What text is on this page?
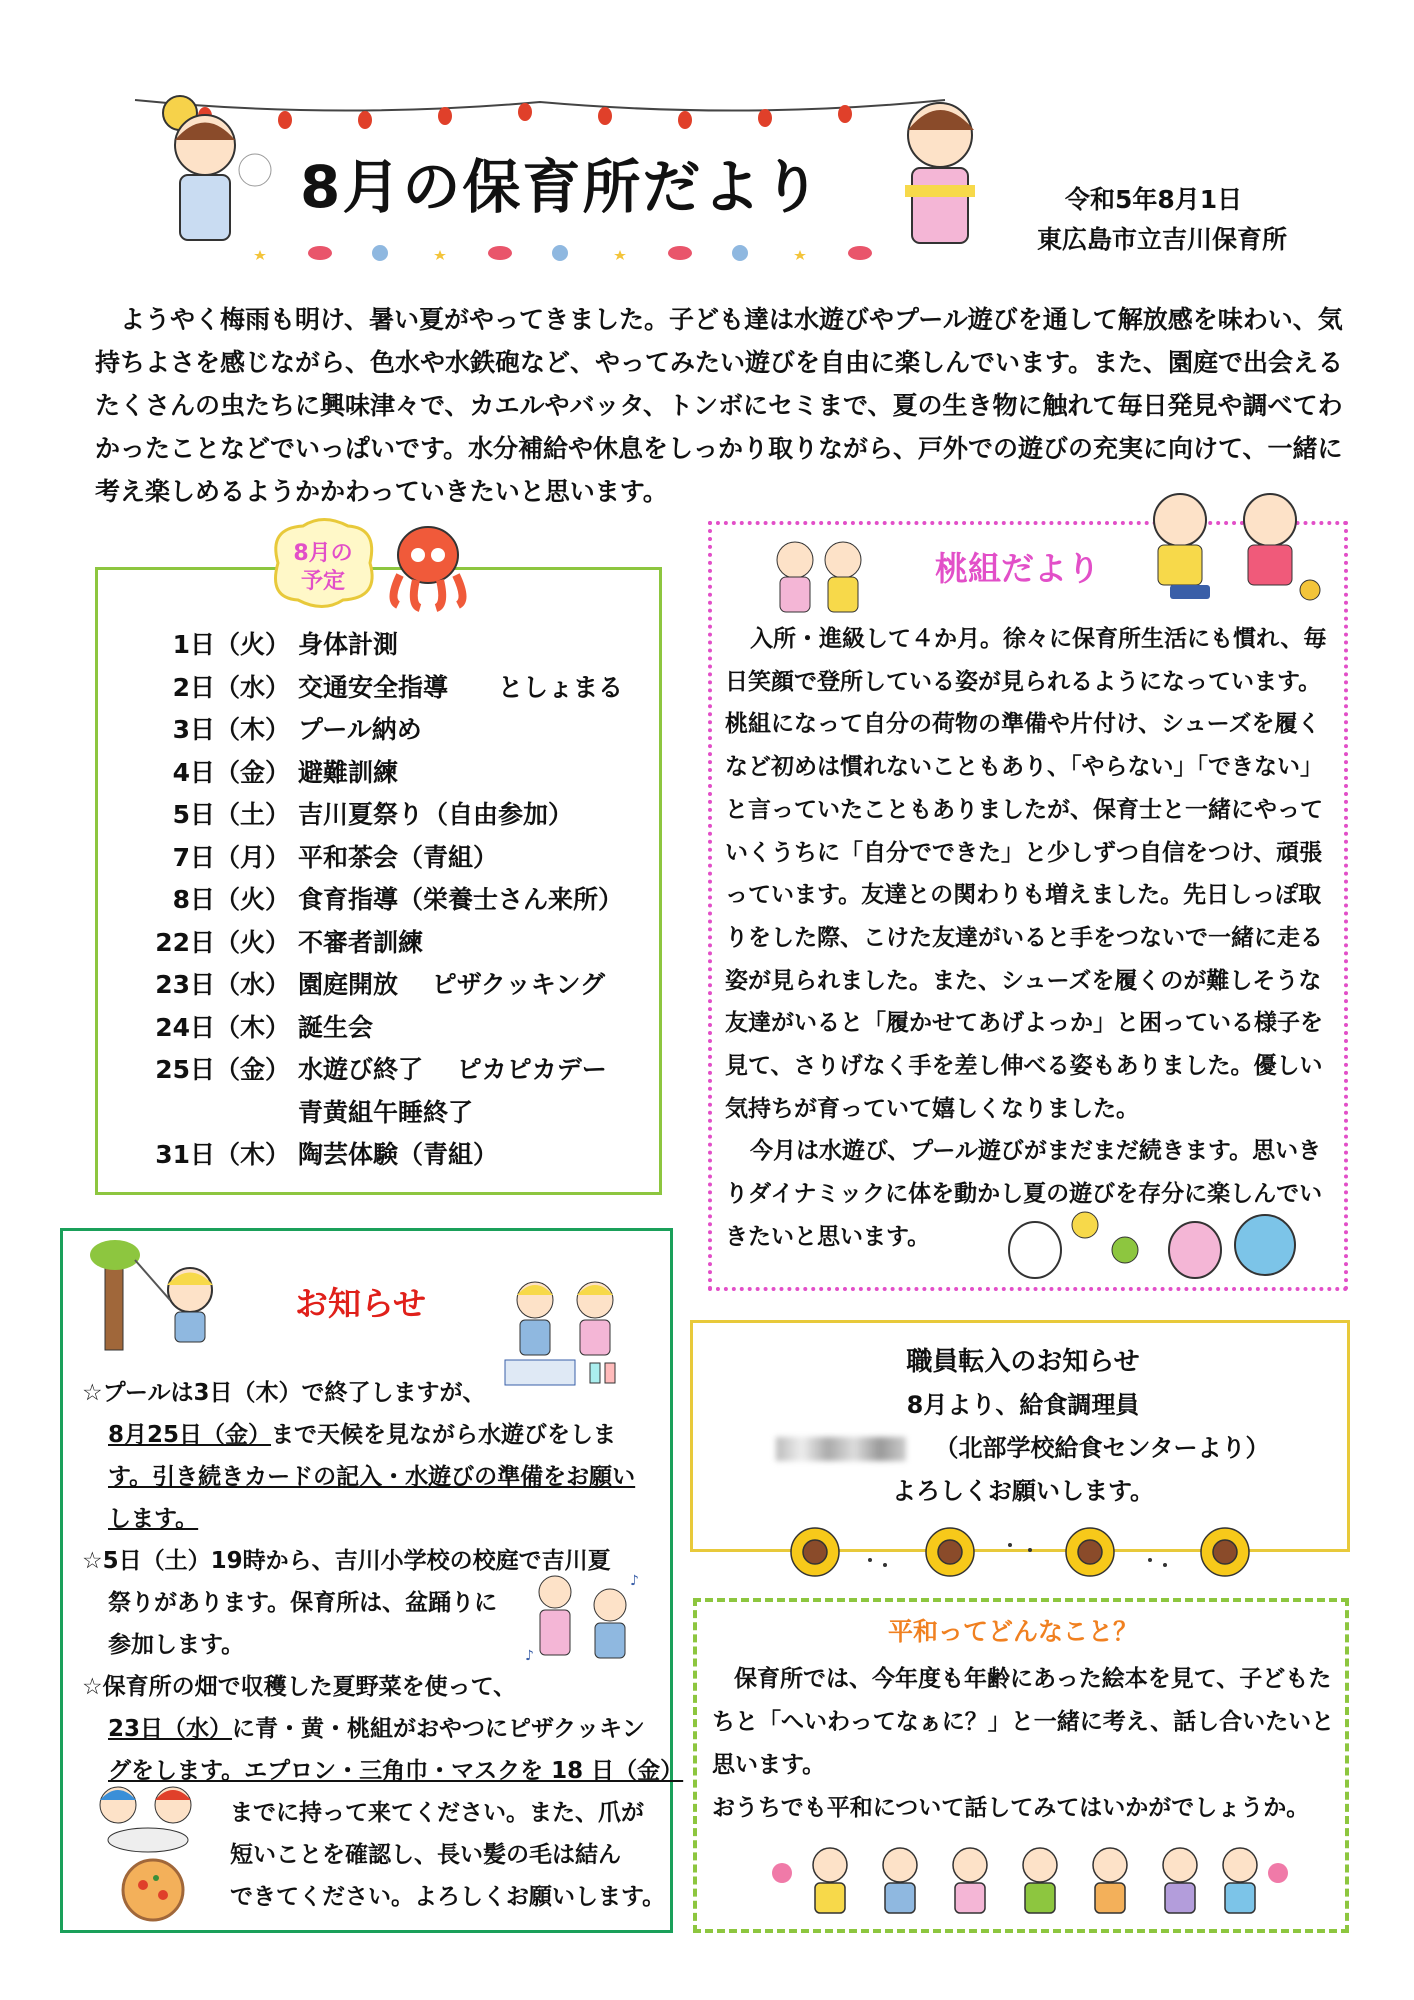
8月の保育所だより	令和5年8月1日
東広島市立吉川保育所

ようやく梅雨も明け、暑い夏がやってきました。子ども達は水遊びやプール遊びを通して解放感を味わい、気持ちよさを感じながら、色水や水鉄砲など、やってみたい遊びを自由に楽しんでいます。また、園庭で出会えるたくさんの虫たちに興味津々で、カエルやバッタ、トンボにセミまで、夏の生き物に触れて毎日発見や調べてわかったことなどでいっぱいです。水分補給や休息をしっかり取りながら、戸外での遊びの充実に向けて、一緒に考え楽しめるようかかわっていきたいと思います。

8月の
予定
1日（火） 身体計測
2日（水） 交通安全指導　　としょまる
3日（木） プール納め
4日（金） 避難訓練
5日（土） 吉川夏祭り（自由参加）
7日（月） 平和茶会（青組）
8日（火） 食育指導（栄養士さん来所）
22日（火） 不審者訓練
23日（水） 園庭開放　 ピザクッキング
24日（木） 誕生会
25日（金） 水遊び終了　 ピカピカデー
青黄組午睡終了
31日（木） 陶芸体験（青組）
桃組だより

入所・進級して４か月。徐々に保育所生活にも慣れ、毎日笑顔で登所している姿が見られるようになっています。桃組になって自分の荷物の準備や片付け、シューズを履くなど初めは慣れないこともあり、「やらない」「できない」と言っていたこともありましたが、保育士と一緒にやっていくうちに「自分でできた」と少しずつ自信をつけ、頑張っています。友達との関わりも増えました。先日しっぽ取りをした際、こけた友達がいると手をつないで一緒に走る姿が見られました。また、シューズを履くのが難しそうな友達がいると「履かせてあげよっか」と困っている様子を見て、さりげなく手を差し伸べる姿もありました。優しい気持ちが育っていて嬉しくなりました。

今月は水遊び、プール遊びがまだまだ続きます。思いきりダイナミックに体を動かし夏の遊びを存分に楽しんでいきたいと思います。

お知らせ
☆プールは3日（木）で終了しますが、
8月25日（金）まで天候を見ながら水遊びをしま
す。引き続きカードの記入・水遊びの準備をお願い
します。
☆5日（土）19時から、吉川小学校の校庭で吉川夏
祭りがあります。保育所は、盆踊りに
参加します。
♪
♪
☆保育所の畑で収穫した夏野菜を使って、
23日（水）に青・黄・桃組がおやつにピザクッキン
グをします。エプロン・三角巾・マスクを 18 日（金）
までに持って来てください。また、爪が
短いことを確認し、長い髪の毛は結ん
できてください。よろしくお願いします。
職員転入のお知らせ
8月より、給食調理員
（北部学校給食センターより）
よろしくお願いします。
平和ってどんなこと？

保育所では、今年度も年齢にあった絵本を見て、子どもたちと「へいわってなぁに？」と一緒に考え、話し合いたいと思います。

おうちでも平和について話してみてはいかがでしょうか。
